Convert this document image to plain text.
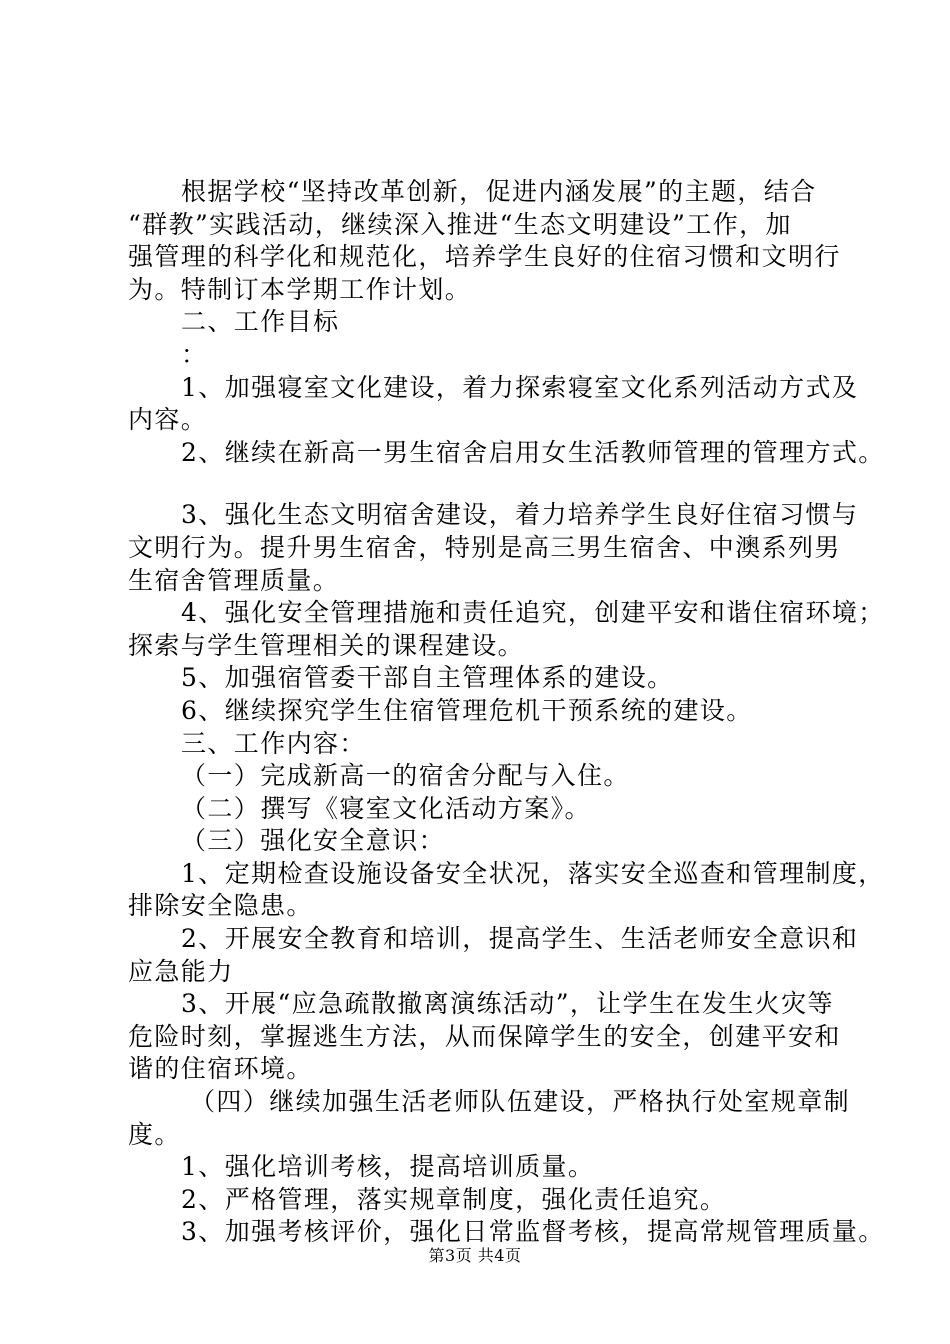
根据学校“坚持改革创新，促进内涵发展”的主题，结合
“群教”实践活动，继续深入推进“生态文明建设”工作，加
强管理的科学化和规范化，培养学生良好的住宿习惯和文明行
为。特制订本学期工作计划。
二、工作目标
：
1、加强寝室文化建设，着力探索寝室文化系列活动方式及
内容。
2、继续在新高一男生宿舍启用女生活教师管理的管理方式。
3、强化生态文明宿舍建设，着力培养学生良好住宿习惯与
文明行为。提升男生宿舍，特别是高三男生宿舍、中澳系列男
生宿舍管理质量。
4、强化安全管理措施和责任追究，创建平安和谐住宿环境；
探索与学生管理相关的课程建设。
5、加强宿管委干部自主管理体系的建设。
6、继续探究学生住宿管理危机干预系统的建设。
三、工作内容：
（一）完成新高一的宿舍分配与入住。
（二）撰写《寝室文化活动方案》。
（三）强化安全意识：
1、定期检查设施设备安全状况，落实安全巡查和管理制度，
排除安全隐患。
2、开展安全教育和培训，提高学生、生活老师安全意识和
应急能力
3、开展“应急疏散撤离演练活动”，让学生在发生火灾等
危险时刻，掌握逃生方法，从而保障学生的安全，创建平安和
谐的住宿环境。
（四）继续加强生活老师队伍建设，严格执行处室规章制
度。
1、强化培训考核，提高培训质量。
2、严格管理，落实规章制度，强化责任追究。
3、加强考核评价，强化日常监督考核，提高常规管理质量。
第3页 共4页
